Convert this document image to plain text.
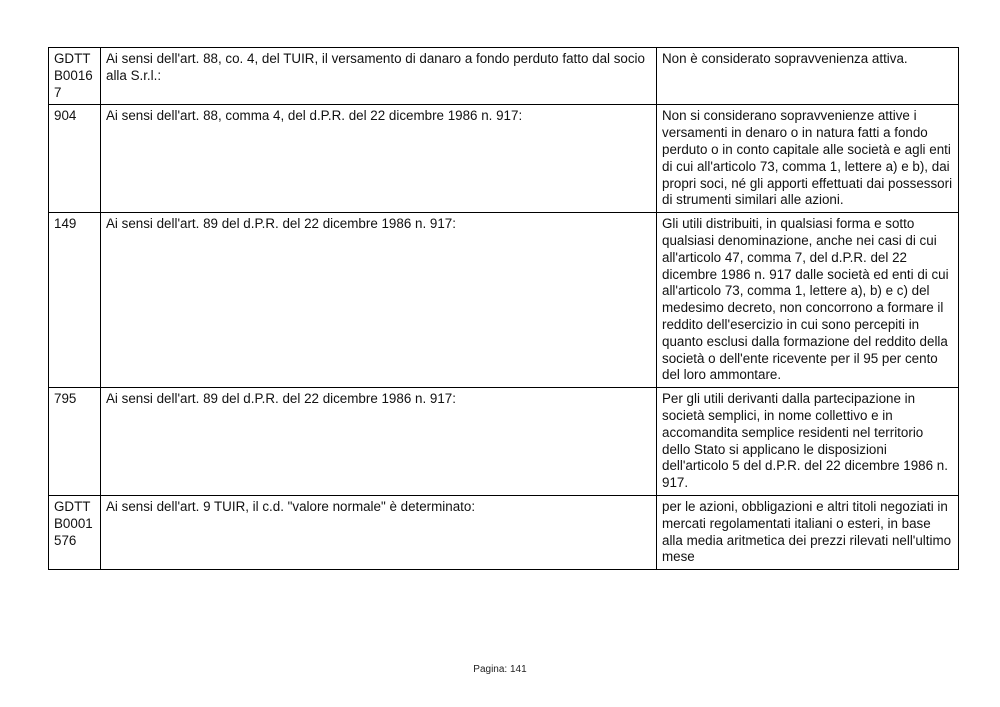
GDTT B0016 7	Ai sensi dell'art. 88, co. 4, del TUIR, il versamento di danaro a fondo perduto fatto dal socio alla S.r.l.:	Non è considerato sopravvenienza attiva.
904	Ai sensi dell'art. 88, comma 4, del d.P.R. del 22 dicembre 1986 n. 917:	Non si considerano sopravvenienze attive i versamenti in denaro o in natura fatti a fondo perduto o in conto capitale alle società e agli enti di cui all'articolo 73, comma 1, lettere a) e b), dai propri soci, né gli apporti effettuati dai possessori di strumenti similari alle azioni.
149	Ai sensi dell'art. 89 del d.P.R. del 22 dicembre 1986 n. 917:	Gli utili distribuiti, in qualsiasi forma e sotto qualsiasi denominazione, anche nei casi di cui all'articolo 47, comma 7, del d.P.R. del 22 dicembre 1986 n. 917 dalle società ed enti di cui all'articolo 73, comma 1, lettere a), b) e c) del medesimo decreto, non concorrono a formare il reddito dell'esercizio in cui sono percepiti in quanto esclusi dalla formazione del reddito della società o dell'ente ricevente per il 95 per cento del loro ammontare.
795	Ai sensi dell'art. 89 del d.P.R. del 22 dicembre 1986 n. 917:	Per gli utili derivanti dalla partecipazione in società semplici, in nome collettivo e in accomandita semplice residenti nel territorio dello Stato si applicano le disposizioni dell'articolo 5 del d.P.R. del 22 dicembre 1986 n. 917.
GDTT B0001 576	Ai sensi dell'art. 9 TUIR, il c.d. "valore normale" è determinato:	per le azioni, obbligazioni e altri titoli negoziati in mercati regolamentati italiani o esteri, in base alla media aritmetica dei prezzi rilevati nell'ultimo mese
Pagina: 141
